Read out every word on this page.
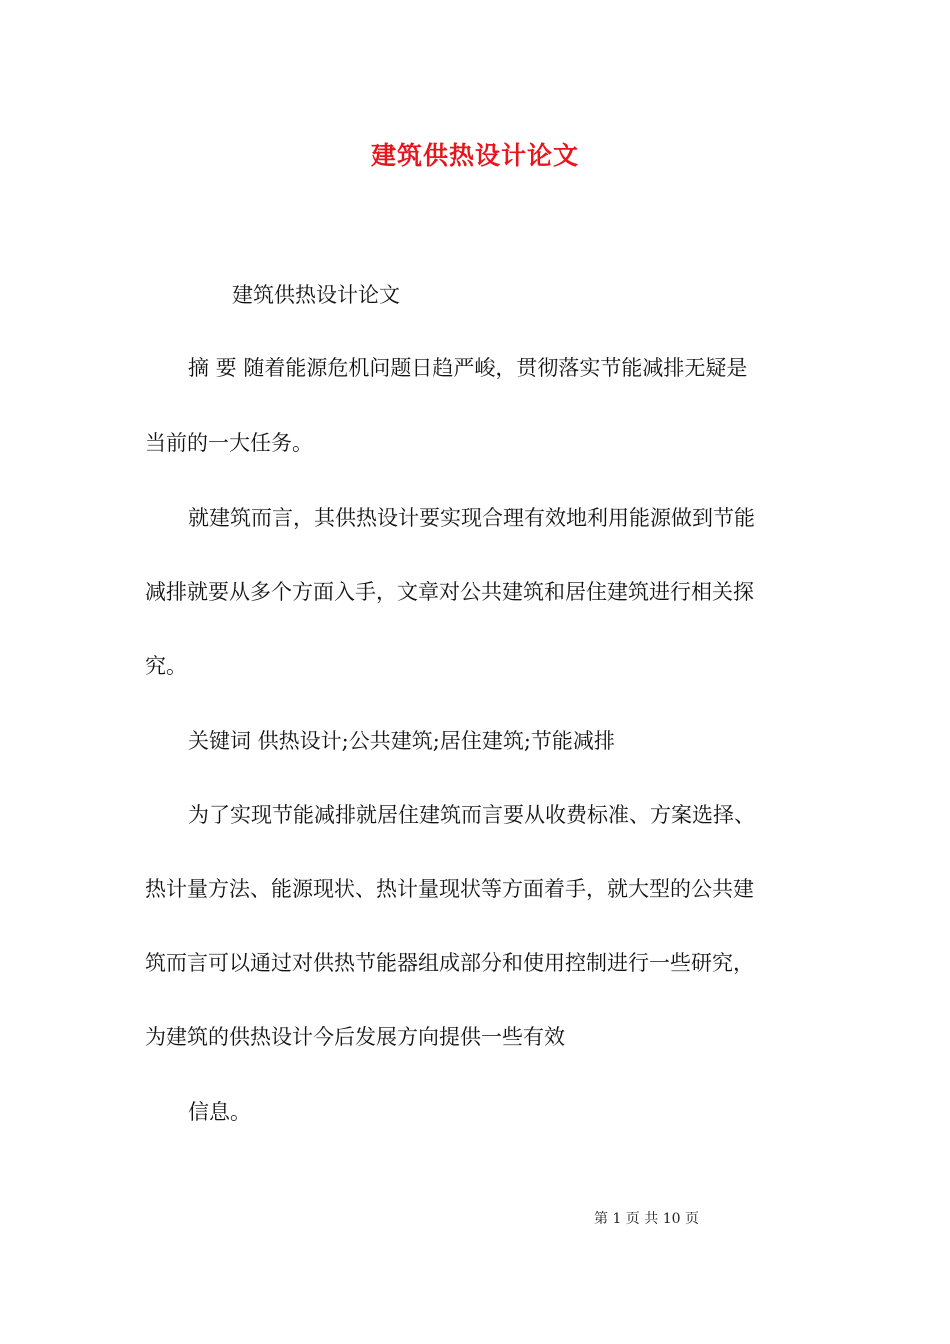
建筑供热设计论文

建筑供热设计论文

摘 要 随着能源危机问题日趋严峻，贯彻落实节能减排无疑是

当前的一大任务。

就建筑而言，其供热设计要实现合理有效地利用能源做到节能

减排就要从多个方面入手，文章对公共建筑和居住建筑进行相关探

究。

关键词 供热设计;公共建筑;居住建筑;节能减排

为了实现节能减排就居住建筑而言要从收费标准、方案选择、

热计量方法、能源现状、热计量现状等方面着手，就大型的公共建

筑而言可以通过对供热节能器组成部分和使用控制进行一些研究，

为建筑的供热设计今后发展方向提供一些有效

信息。

第 1 页 共 10 页
